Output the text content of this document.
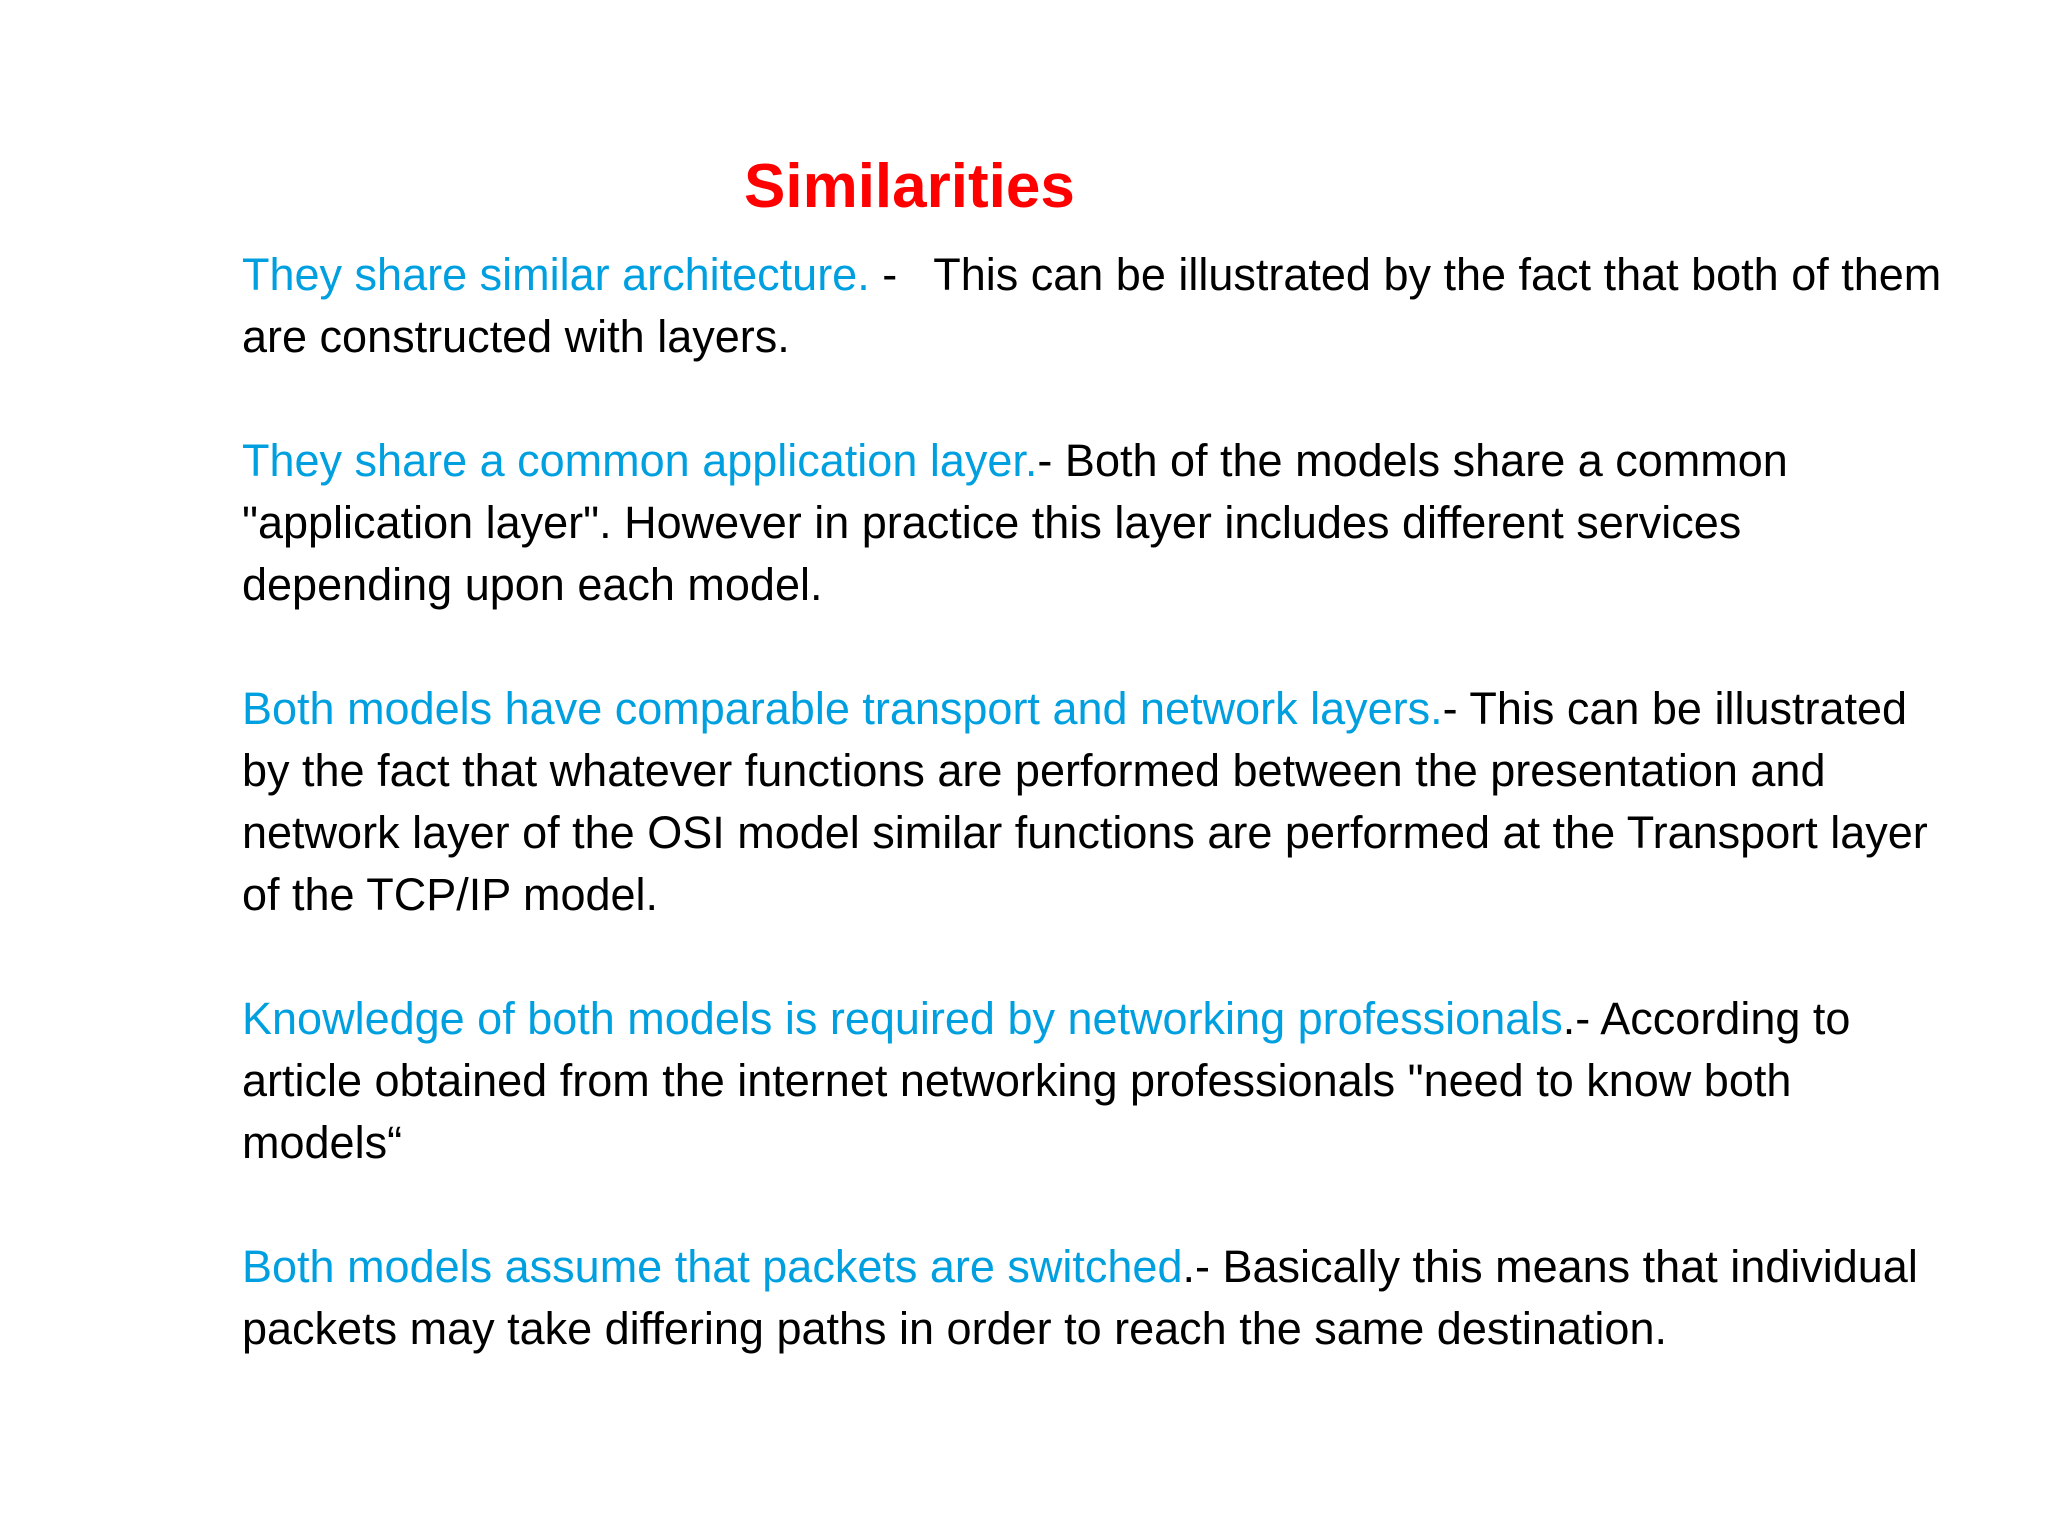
Similarities

They share similar architecture. - This can be illustrated by the fact that both of them are constructed with layers.

They share a common application layer.- Both of the models share a common "application layer". However in practice this layer includes different services depending upon each model.

Both models have comparable transport and network layers.- This can be illustrated by the fact that whatever functions are performed between the presentation and network layer of the OSI model similar functions are performed at the Transport layer of the TCP/IP model.

Knowledge of both models is required by networking professionals.- According to article obtained from the internet networking professionals "need to know both models“

Both models assume that packets are switched.- Basically this means that individual packets may take differing paths in order to reach the same destination.
